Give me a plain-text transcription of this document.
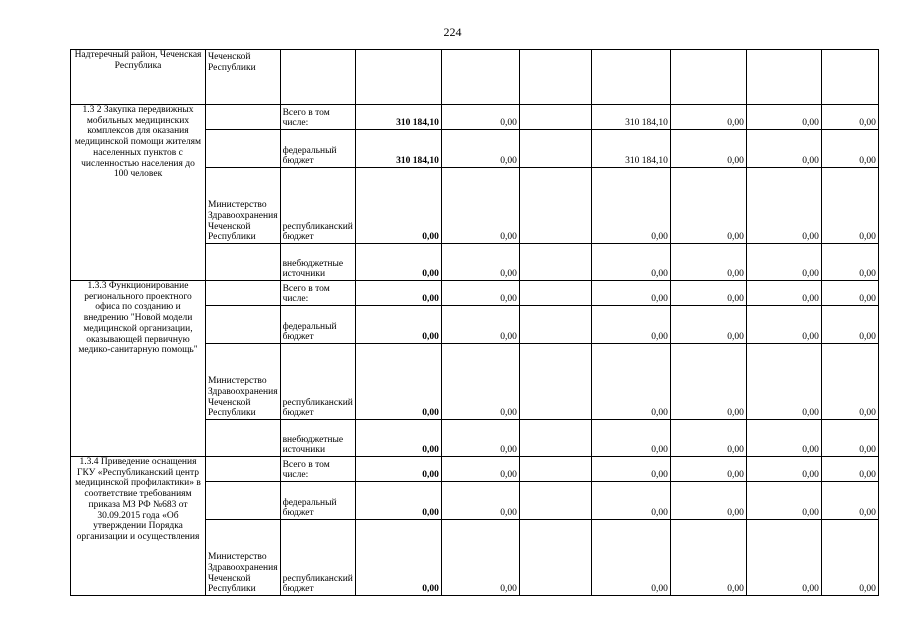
224
Надтеречный район, Чеченская Республика	Чеченской Республики								
1.3 2 Закупка передвижных мобильных медицинских комплексов для оказания медицинской помощи жителям населенных пунктов с численностью населения до 100 человек		Всего в том числе:	310 184,10	0,00		310 184,10	0,00	0,00	0,00
		федеральный бюджет	310 184,10	0,00		310 184,10	0,00	0,00	0,00
	Министерство Здравоохранения Чеченской Республики	республиканский бюджет	0,00	0,00		0,00	0,00	0,00	0,00
		внебюджетные источники	0,00	0,00		0,00	0,00	0,00	0,00
1.3.3 Функционирование регионального проектного офиса по созданию и внедрению "Новой модели медицинской организации, оказывающей первичную медико-санитарную помощь"		Всего в том числе:	0,00	0,00		0,00	0,00	0,00	0,00
		федеральный бюджет	0,00	0,00		0,00	0,00	0,00	0,00
	Министерство Здравоохранения Чеченской Республики	республиканский бюджет	0,00	0,00		0,00	0,00	0,00	0,00
		внебюджетные источники	0,00	0,00		0,00	0,00	0,00	0,00
1.3.4 Приведение оснащения ГКУ «Республиканский центр медицинской профилактики» в соответствие требованиям приказа МЗ РФ №683 от 30.09.2015 года «Об утверждении Порядка организации и осуществления		Всего в том числе:	0,00	0,00		0,00	0,00	0,00	0,00
		федеральный бюджет	0,00	0,00		0,00	0,00	0,00	0,00
	Министерство Здравоохранения Чеченской Республики	республиканский бюджет	0,00	0,00		0,00	0,00	0,00	0,00
